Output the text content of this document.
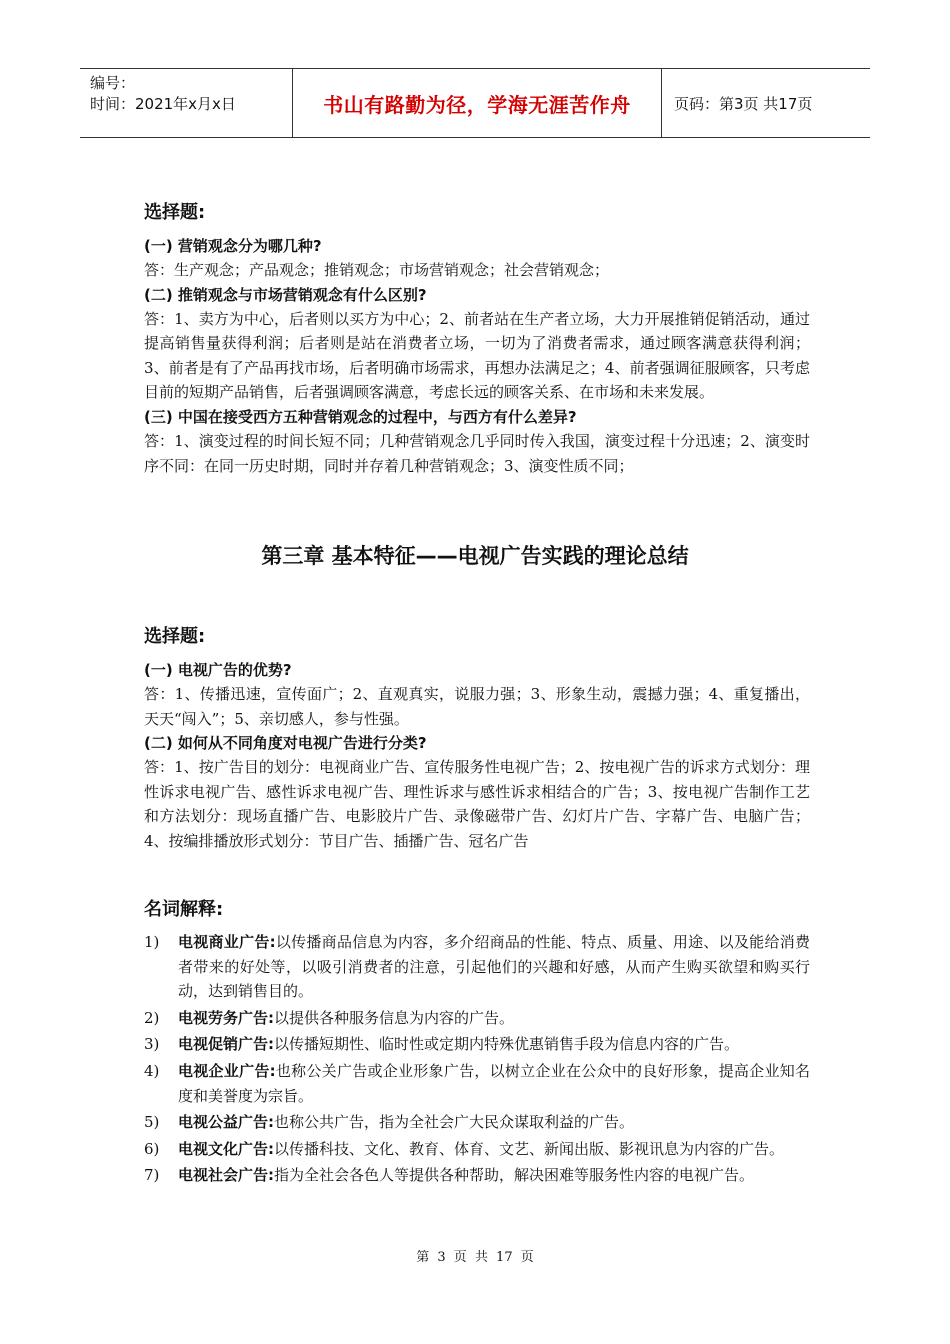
编号：
时间：2021年x月x日	书山有路勤为径，学海无涯苦作舟	页码：第3页 共17页
选择题:

(一) 营销观念分为哪几种?

答：生产观念；产品观念；推销观念；市场营销观念；社会营销观念；

(二) 推销观念与市场营销观念有什么区别?

答：1、卖方为中心，后者则以买方为中心；2、前者站在生产者立场，大力开展推销促销活动，通过提高销售量获得利润；后者则是站在消费者立场，一切为了消费者需求，通过顾客满意获得利润；3、前者是有了产品再找市场，后者明确市场需求，再想办法满足之；4、前者强调征服顾客，只考虑目前的短期产品销售，后者强调顾客满意，考虑长远的顾客关系、在市场和未来发展。

(三) 中国在接受西方五种营销观念的过程中，与西方有什么差异?

答：1、演变过程的时间长短不同；几种营销观念几乎同时传入我国，演变过程十分迅速；2、演变时序不同：在同一历史时期，同时并存着几种营销观念；3、演变性质不同；

第三章 基本特征——电视广告实践的理论总结
选择题:

(一) 电视广告的优势?

答：1、传播迅速，宣传面广；2、直观真实，说服力强；3、形象生动，震撼力强；4、重复播出，天天“闯入”；5、亲切感人，参与性强。

(二) 如何从不同角度对电视广告进行分类?

答：1、按广告目的划分：电视商业广告、宣传服务性电视广告；2、按电视广告的诉求方式划分：理性诉求电视广告、感性诉求电视广告、理性诉求与感性诉求相结合的广告；3、按电视广告制作工艺和方法划分：现场直播广告、电影胶片广告、录像磁带广告、幻灯片广告、字幕广告、电脑广告；4、按编排播放形式划分：节目广告、插播广告、冠名广告

名词解释:
1) 电视商业广告:以传播商品信息为内容，多介绍商品的性能、特点、质量、用途、以及能给消费者带来的好处等，以吸引消费者的注意，引起他们的兴趣和好感，从而产生购买欲望和购买行动，达到销售目的。
2) 电视劳务广告:以提供各种服务信息为内容的广告。
3) 电视促销广告:以传播短期性、临时性或定期内特殊优惠销售手段为信息内容的广告。
4) 电视企业广告:也称公关广告或企业形象广告，以树立企业在公众中的良好形象，提高企业知名度和美誉度为宗旨。
5) 电视公益广告:也称公共广告，指为全社会广大民众谋取利益的广告。
6) 电视文化广告:以传播科技、文化、教育、体育、文艺、新闻出版、影视讯息为内容的广告。
7) 电视社会广告:指为全社会各色人等提供各种帮助，解决困难等服务性内容的电视广告。
第 3 页 共 17 页
